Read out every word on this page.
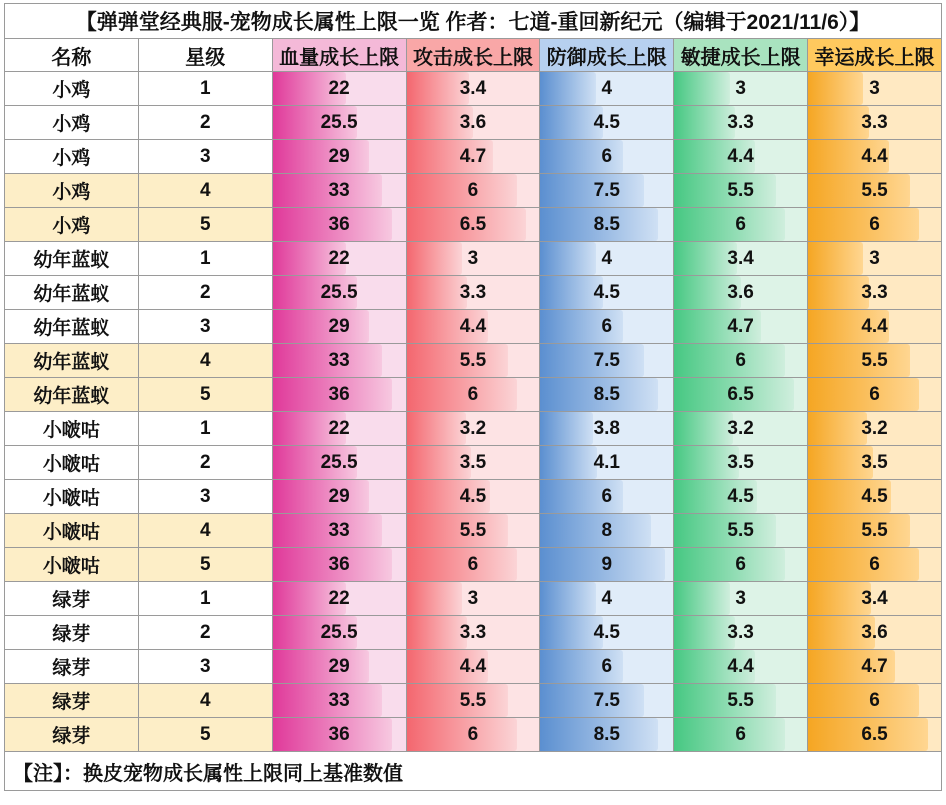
【弹弹堂经典服-宠物成长属性上限一览 作者：七道-重回新纪元（编辑于2021/11/6）】						
名称	星级	血量成长上限	攻击成长上限	防御成长上限	敏捷成长上限	幸运成长上限
小鸡	1	22	3.4	4	3	3

小鸡	2	25.5	3.6	4.5	3.3	3.3

小鸡	3	29	4.7	6	4.4	4.4

小鸡	4	33	6	7.5	5.5	5.5

小鸡	5	36	6.5	8.5	6	6

幼年蓝蚁	1	22	3	4	3.4	3

幼年蓝蚁	2	25.5	3.3	4.5	3.6	3.3

幼年蓝蚁	3	29	4.4	6	4.7	4.4

幼年蓝蚁	4	33	5.5	7.5	6	5.5

幼年蓝蚁	5	36	6	8.5	6.5	6

小啵咕	1	22	3.2	3.8	3.2	3.2

小啵咕	2	25.5	3.5	4.1	3.5	3.5

小啵咕	3	29	4.5	6	4.5	4.5

小啵咕	4	33	5.5	8	5.5	5.5

小啵咕	5	36	6	9	6	6

绿芽	1	22	3	4	3	3.4

绿芽	2	25.5	3.3	4.5	3.3	3.6

绿芽	3	29	4.4	6	4.4	4.7

绿芽	4	33	5.5	7.5	5.5	6

绿芽	5	36	6	8.5	6	6.5

【注】：换皮宠物成长属性上限同上基准数值						
